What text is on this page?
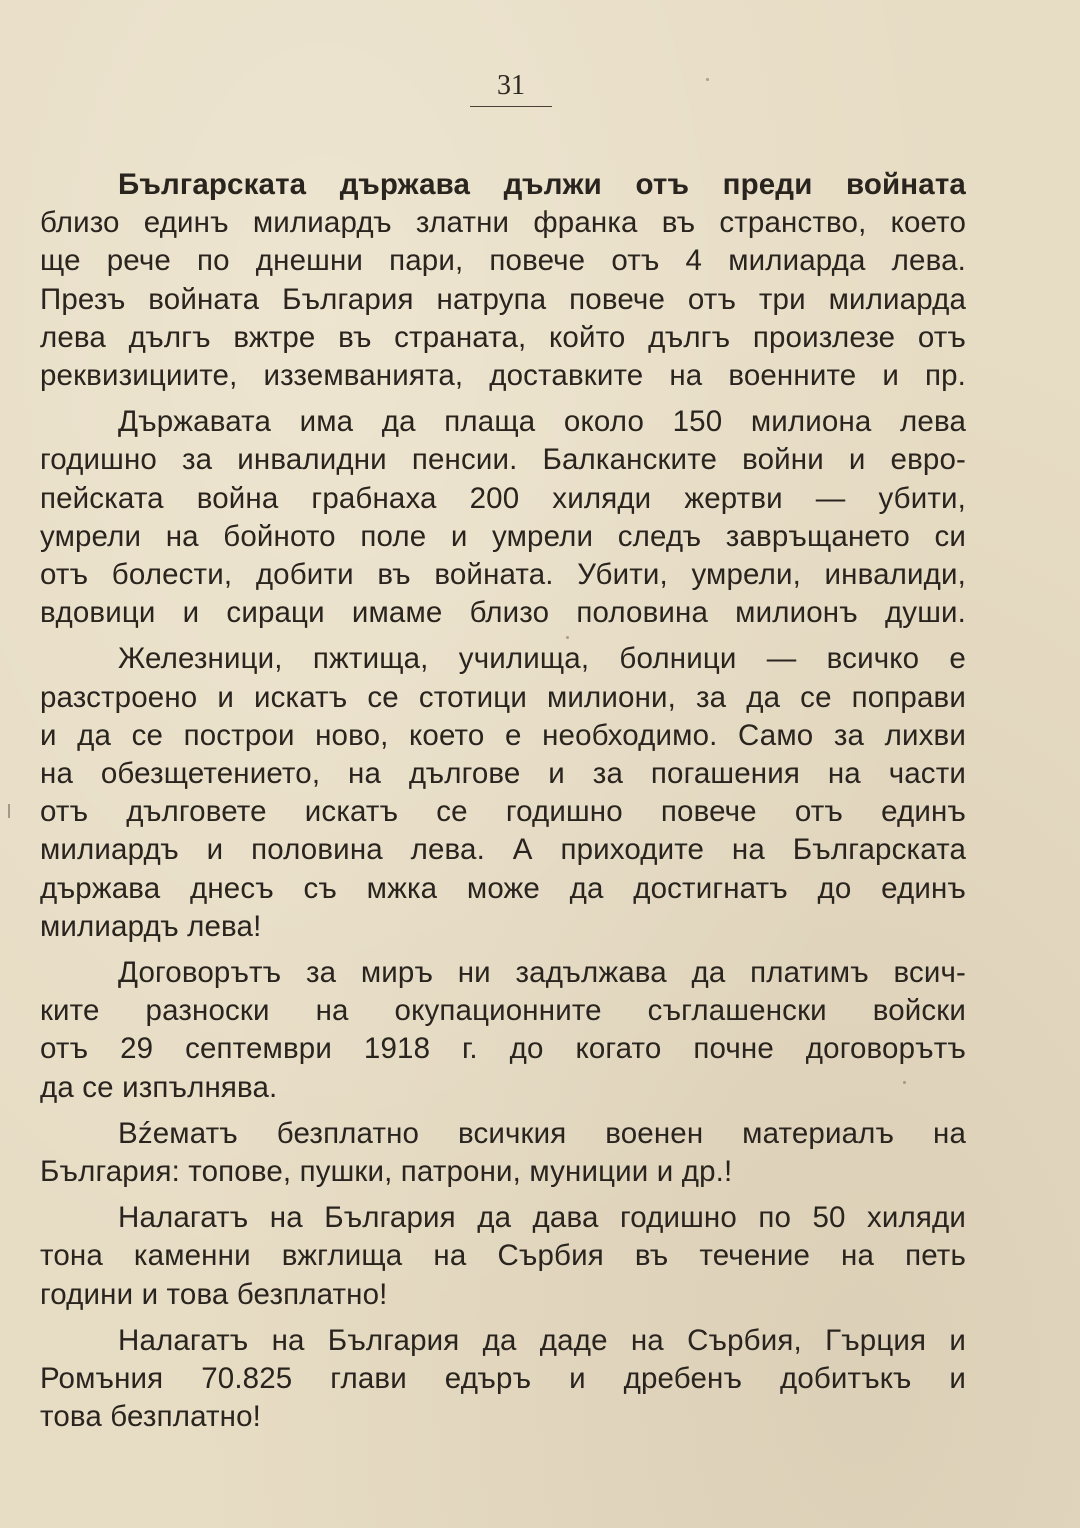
31

Българската държава дължи отъ преди войната
близо единъ милиардъ златни франка въ странство, което
ще рече по днешни пари, повече отъ 4 милиарда лева.
Презъ войната България натрупа повече отъ три милиарда
лева дългъ вжтре въ страната, който дългъ произлезе отъ
реквизициите, изземванията, доставките на военните и пр.

Държавата има да плаща около 150 милиона лева
годишно за инвалидни пенсии. Балканските войни и евро-
пейската война грабнаха 200 хиляди жертви — убити,
умрели на бойното поле и умрели следъ завръщането си
отъ болести, добити въ войната. Убити, умрели, инвалиди,
вдовици и сираци имаме близо половина милионъ души.

Железници, пжтища, училища, болници — всичко е
разстроено и искатъ се стотици милиони, за да се поправи
и да се построи ново, което е необходимо. Само за лихви
на обезщетението, на дългове и за погашения на части
отъ дълговете искатъ се годишно повече отъ единъ
милиардъ и половина лева. А приходите на Българската
държава днесъ съ мжка може да достигнатъ до единъ
милиардъ лева!

Договорътъ за миръ ни задължава да платимъ всич-
ките разноски на окупационните съглашенски войски
отъ 29 септември 1918 г. до когато почне договорътъ
да се изпълнява.

Вźематъ безплатно всичкия военен материалъ на
България: топове, пушки, патрони, муниции и др.!

Налагатъ на България да дава годишно по 50 хиляди
тона каменни вжглища на Сърбия въ течение на петь
години и това безплатно!

Налагатъ на България да даде на Сърбия, Гърция и
Ромъния 70.825 глави едъръ и дребенъ добитъкъ и
това безплатно!
